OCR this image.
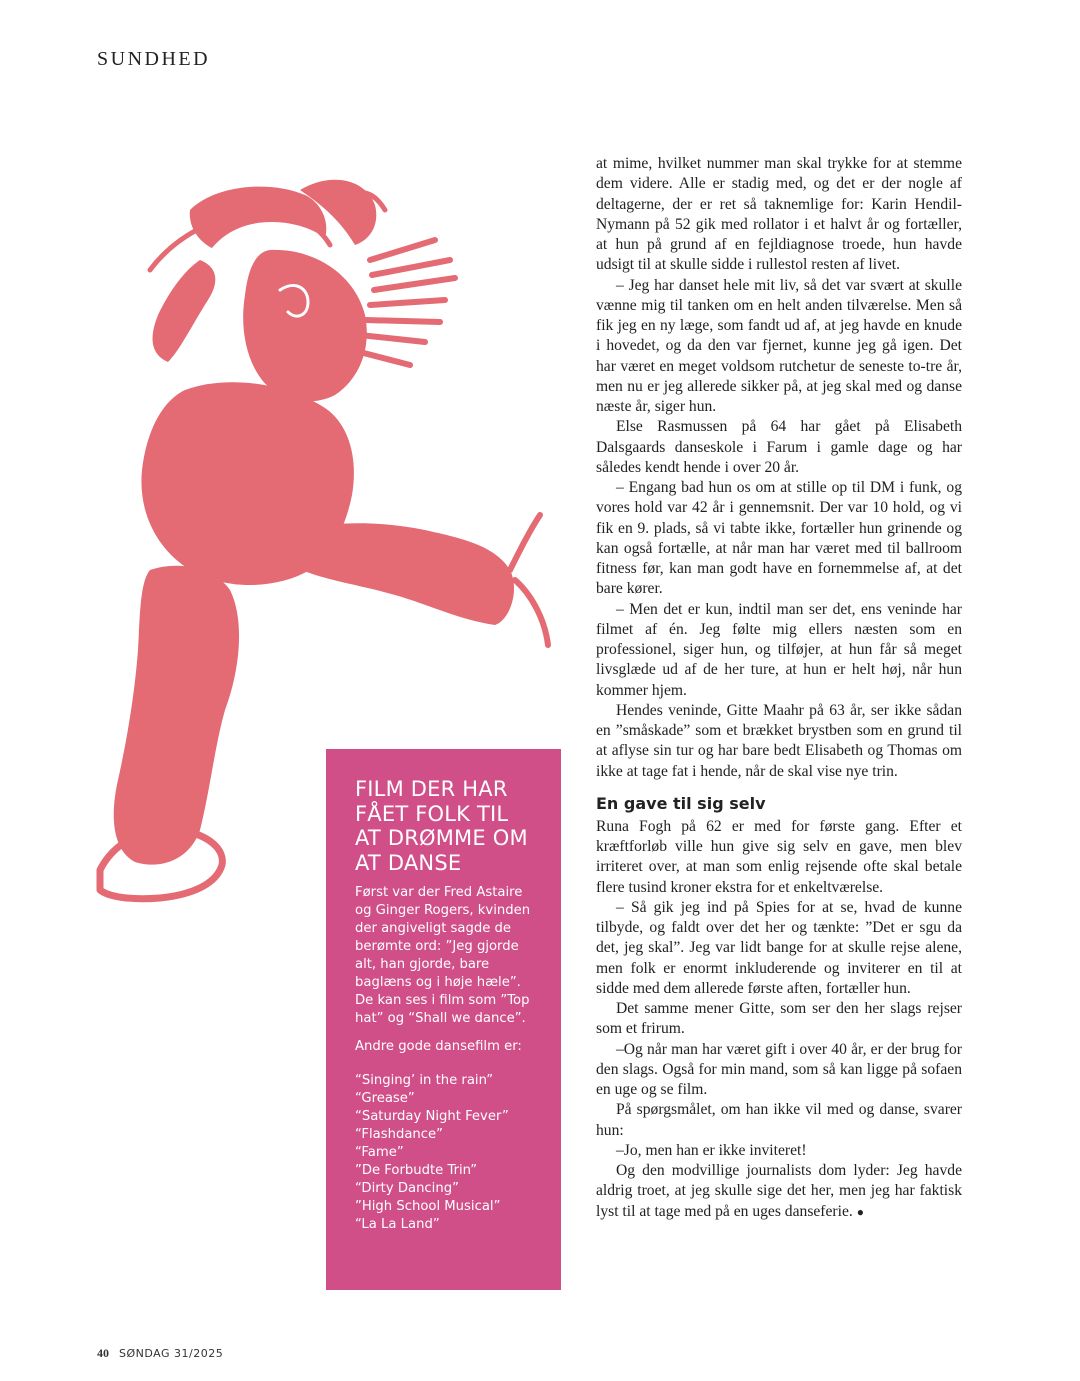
SUNDHED
FILM DER HAR
FÅET FOLK TIL
AT DRØMME OM
AT DANSE

Først var der Fred Astaire og Ginger Rogers, kvinden der angiveligt sagde de berømte ord: ”Jeg gjorde alt, han gjorde, bare baglæns og i høje hæle”. De kan ses i film som ”Top hat” og “Shall we dance”.

Andre gode dansefilm er:

“Singing’ in the rain”
“Grease”
“Saturday Night Fever”
“Flashdance”
“Fame”
”De Forbudte Trin”
“Dirty Dancing”
”High School Musical”
“La La Land”

at mime, hvilket nummer man skal trykke for at stemme dem videre. Alle er stadig med, og det er der nogle af deltagerne, der er ret så taknemlige for: Karin Hendil-Nymann på 52 gik med rollator i et halvt år og fortæller, at hun på grund af en fejldiagnose troede, hun havde udsigt til at skulle sidde i rullestol resten af livet.

– Jeg har danset hele mit liv, så det var svært at skulle vænne mig til tanken om en helt anden tilværelse. Men så fik jeg en ny læge, som fandt ud af, at jeg havde en knude i hovedet, og da den var fjernet, kunne jeg gå igen. Det har været en meget voldsom rutchetur de seneste to-tre år, men nu er jeg allerede sikker på, at jeg skal med og danse næste år, siger hun.

Else Rasmussen på 64 har gået på Elisabeth Dalsgaards danseskole i Farum i gamle dage og har således kendt hende i over 20 år.

– Engang bad hun os om at stille op til DM i funk, og vores hold var 42 år i gennemsnit. Der var 10 hold, og vi fik en 9. plads, så vi tabte ikke, fortæller hun grinende og kan også fortælle, at når man har været med til ballroom fitness før, kan man godt have en fornemmelse af, at det bare kører.

– Men det er kun, indtil man ser det, ens veninde har filmet af én. Jeg følte mig ellers næsten som en professionel, siger hun, og tilføjer, at hun får så meget livsglæde ud af de her ture, at hun er helt høj, når hun kommer hjem.

Hendes veninde, Gitte Maahr på 63 år, ser ikke sådan en ”småskade” som et brækket brystben som en grund til at aflyse sin tur og har bare bedt Elisabeth og Thomas om ikke at tage fat i hende, når de skal vise nye trin.

En gave til sig selv

Runa Fogh på 62 er med for første gang. Efter et kræftforløb ville hun give sig selv en gave, men blev irriteret over, at man som enlig rejsende ofte skal betale flere tusind kroner ekstra for et enkeltværelse.

– Så gik jeg ind på Spies for at se, hvad de kunne tilbyde, og faldt over det her og tænkte: ”Det er sgu da det, jeg skal”. Jeg var lidt bange for at skulle rejse alene, men folk er enormt inkluderende og inviterer en til at sidde med dem allerede første aften, fortæller hun.

Det samme mener Gitte, som ser den her slags rejser som et frirum.

–Og når man har været gift i over 40 år, er der brug for den slags. Også for min mand, som så kan ligge på sofaen en uge og se film.

På spørgsmålet, om han ikke vil med og danse, svarer hun:

–Jo, men han er ikke inviteret!

Og den modvillige journalists dom lyder: Jeg havde aldrig troet, at jeg skulle sige det her, men jeg har faktisk lyst til at tage med på en uges danseferie. ●

40 SØNDAG 31/2025
